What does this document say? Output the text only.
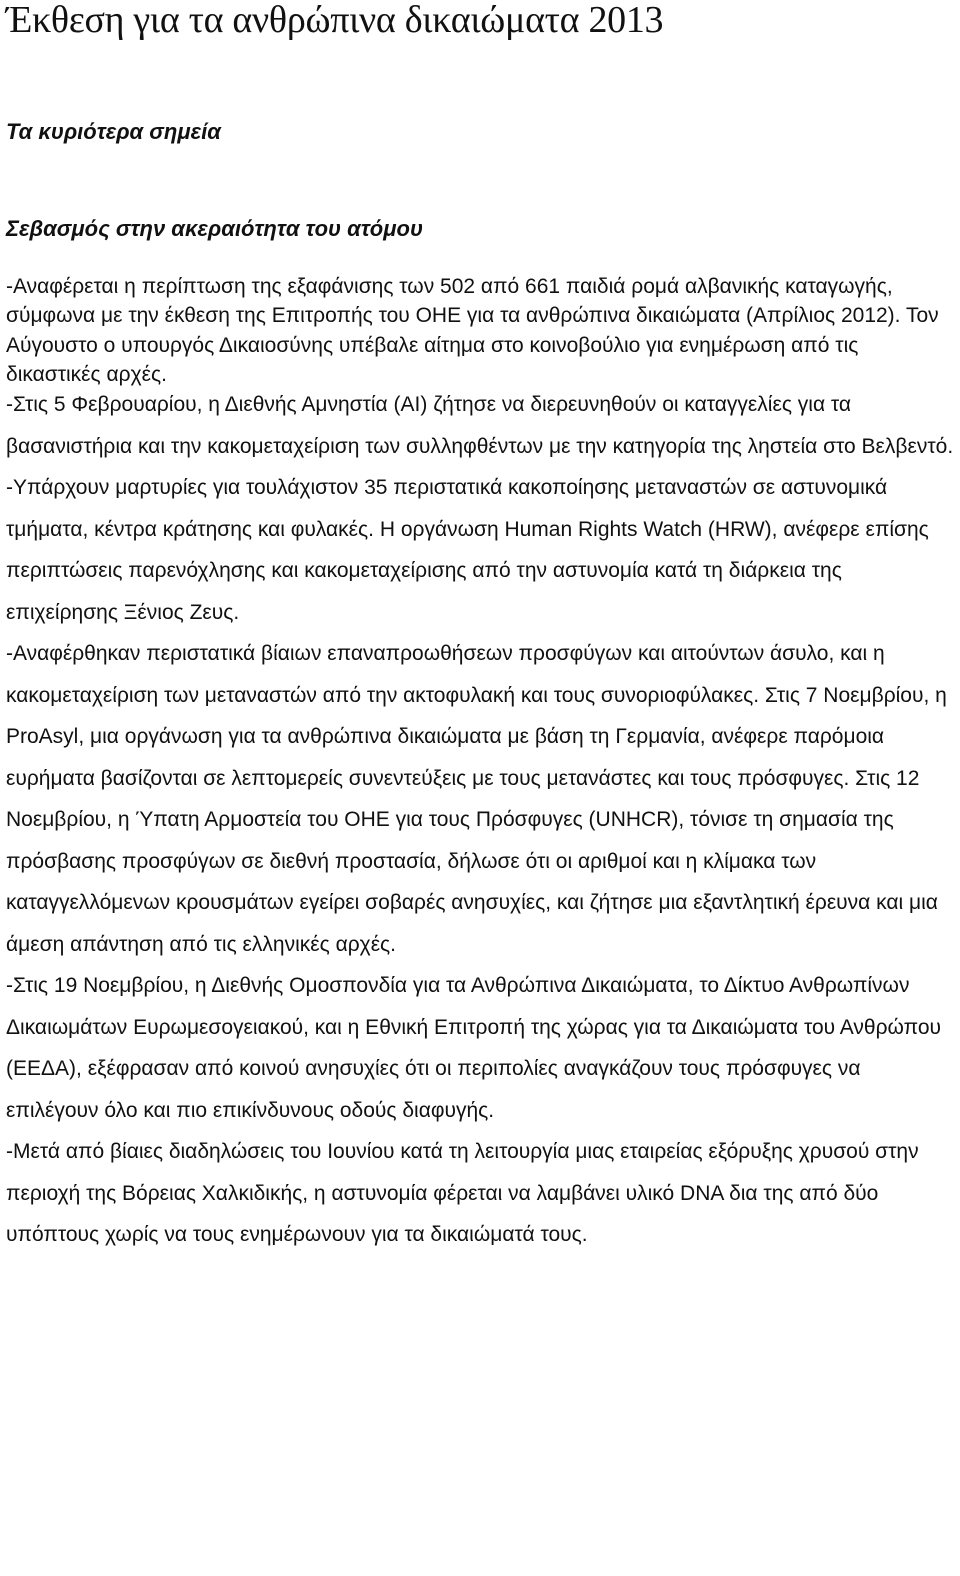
Έκθεση για τα ανθρώπινα δικαιώματα 2013
Τα κυριότερα σημεία
Σεβασμός στην ακεραιότητα του ατόμου

-Αναφέρεται η περίπτωση της εξαφάνισης των 502 από 661 παιδιά ρομά αλβανικής καταγωγής, σύμφωνα με την έκθεση της Επιτροπής του ΟΗΕ για τα ανθρώπινα δικαιώματα (Απρίλιος 2012). Τον Αύγουστο ο υπουργός Δικαιοσύνης υπέβαλε αίτημα στο κοινοβούλιο για ενημέρωση από τις δικαστικές αρχές.

-Στις 5 Φεβρουαρίου, η Διεθνής Αμνηστία (AI) ζήτησε να διερευνηθούν οι καταγγελίες για τα βασανιστήρια και την κακομεταχείριση των συλληφθέντων με την κατηγορία της ληστεία στο Βελβεντό.

-Υπάρχουν μαρτυρίες για τουλάχιστον 35 περιστατικά κακοποίησης μεταναστών σε αστυνομικά τμήματα, κέντρα κράτησης και φυλακές. Η οργάνωση Human Rights Watch (HRW), ανέφερε επίσης περιπτώσεις παρενόχλησης και κακομεταχείρισης από την αστυνομία κατά τη διάρκεια της επιχείρησης Ξένιος Ζευς.

-Αναφέρθηκαν περιστατικά βίαιων επαναπροωθήσεων προσφύγων και αιτούντων άσυλο, και η κακομεταχείριση των μεταναστών από την ακτοφυλακή και τους συνοριοφύλακες. Στις 7 Νοεμβρίου, η ProAsyl, μια οργάνωση για τα ανθρώπινα δικαιώματα με βάση τη Γερμανία, ανέφερε παρόμοια ευρήματα βασίζονται σε λεπτομερείς συνεντεύξεις με τους μετανάστες και τους πρόσφυγες. Στις 12 Νοεμβρίου, η Ύπατη Αρμοστεία του ΟΗΕ για τους Πρόσφυγες (UNHCR), τόνισε τη σημασία της πρόσβασης προσφύγων σε διεθνή προστασία, δήλωσε ότι οι αριθμοί και η κλίμακα των καταγγελλόμενων κρουσμάτων εγείρει σοβαρές ανησυχίες, και ζήτησε μια εξαντλητική έρευνα και μια άμεση απάντηση από τις ελληνικές αρχές.

-Στις 19 Νοεμβρίου, η Διεθνής Ομοσπονδία για τα Ανθρώπινα Δικαιώματα, το Δίκτυο Ανθρωπίνων Δικαιωμάτων Ευρωμεσογειακού, και η Εθνική Επιτροπή της χώρας για τα Δικαιώματα του Ανθρώπου (ΕΕΔΑ), εξέφρασαν από κοινού ανησυχίες ότι οι περιπολίες αναγκάζουν τους πρόσφυγες να επιλέγουν όλο και πιο επικίνδυνους οδούς διαφυγής.

-Μετά από βίαιες διαδηλώσεις του Ιουνίου κατά τη λειτουργία μιας εταιρείας εξόρυξης χρυσού στην περιοχή της Βόρειας Χαλκιδικής, η αστυνομία φέρεται να λαμβάνει υλικό DNA δια της από δύο υπόπτους χωρίς να τους ενημέρωνουν για τα δικαιώματά τους.
